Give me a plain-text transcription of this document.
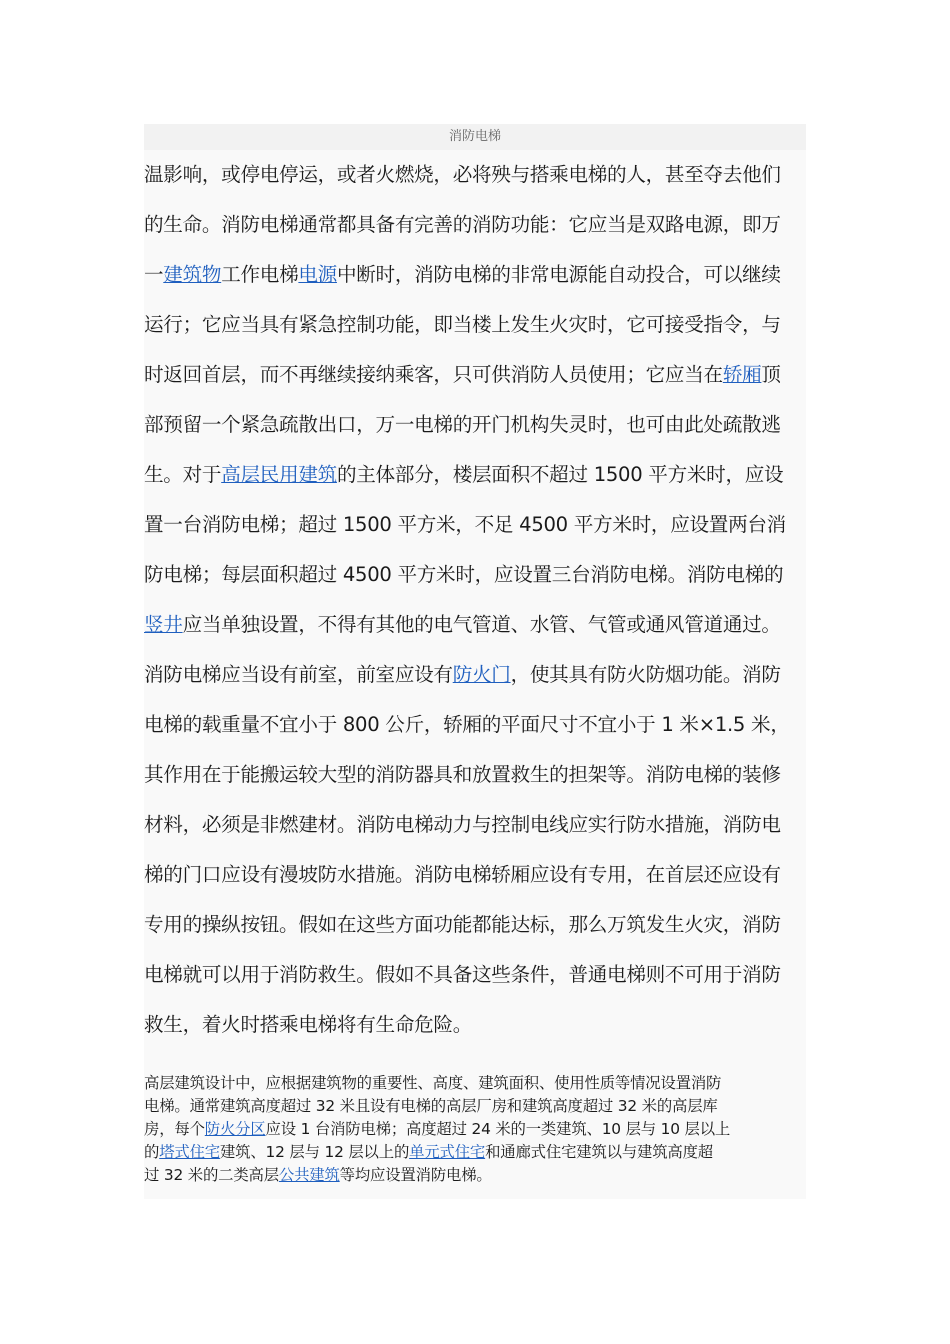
消防电梯
温影响，或停电停运，或者火燃烧，必将殃与搭乘电梯的人，甚至夺去他们
的生命。消防电梯通常都具备有完善的消防功能：它应当是双路电源，即万
一建筑物工作电梯电源中断时，消防电梯的非常电源能自动投合，可以继续
运行；它应当具有紧急控制功能，即当楼上发生火灾时，它可接受指令，与
时返回首层，而不再继续接纳乘客，只可供消防人员使用；它应当在轿厢顶
部预留一个紧急疏散出口，万一电梯的开门机构失灵时，也可由此处疏散逃
生。对于高层民用建筑的主体部分，楼层面积不超过 1500 平方米时，应设
置一台消防电梯；超过 1500 平方米，不足 4500 平方米时，应设置两台消
防电梯；每层面积超过 4500 平方米时，应设置三台消防电梯。消防电梯的
竖井应当单独设置，不得有其他的电气管道、水管、气管或通风管道通过。
消防电梯应当设有前室，前室应设有防火门，使其具有防火防烟功能。消防
电梯的载重量不宜小于 800 公斤，轿厢的平面尺寸不宜小于 1 米×1.5 米，
其作用在于能搬运较大型的消防器具和放置救生的担架等。消防电梯的装修
材料，必须是非燃建材。消防电梯动力与控制电线应实行防水措施，消防电
梯的门口应设有漫坡防水措施。消防电梯轿厢应设有专用，在首层还应设有
专用的操纵按钮。假如在这些方面功能都能达标，那么万筑发生火灾，消防
电梯就可以用于消防救生。假如不具备这些条件，普通电梯则不可用于消防
救生，着火时搭乘电梯将有生命危险。
高层建筑设计中，应根据建筑物的重要性、高度、建筑面积、使用性质等情况设置消防
电梯。通常建筑高度超过 32 米且设有电梯的高层厂房和建筑高度超过 32 米的高层库
房，每个防火分区应设 1 台消防电梯；高度超过 24 米的一类建筑、10 层与 10 层以上
的塔式住宅建筑、12 层与 12 层以上的单元式住宅和通廊式住宅建筑以与建筑高度超
过 32 米的二类高层公共建筑等均应设置消防电梯。
